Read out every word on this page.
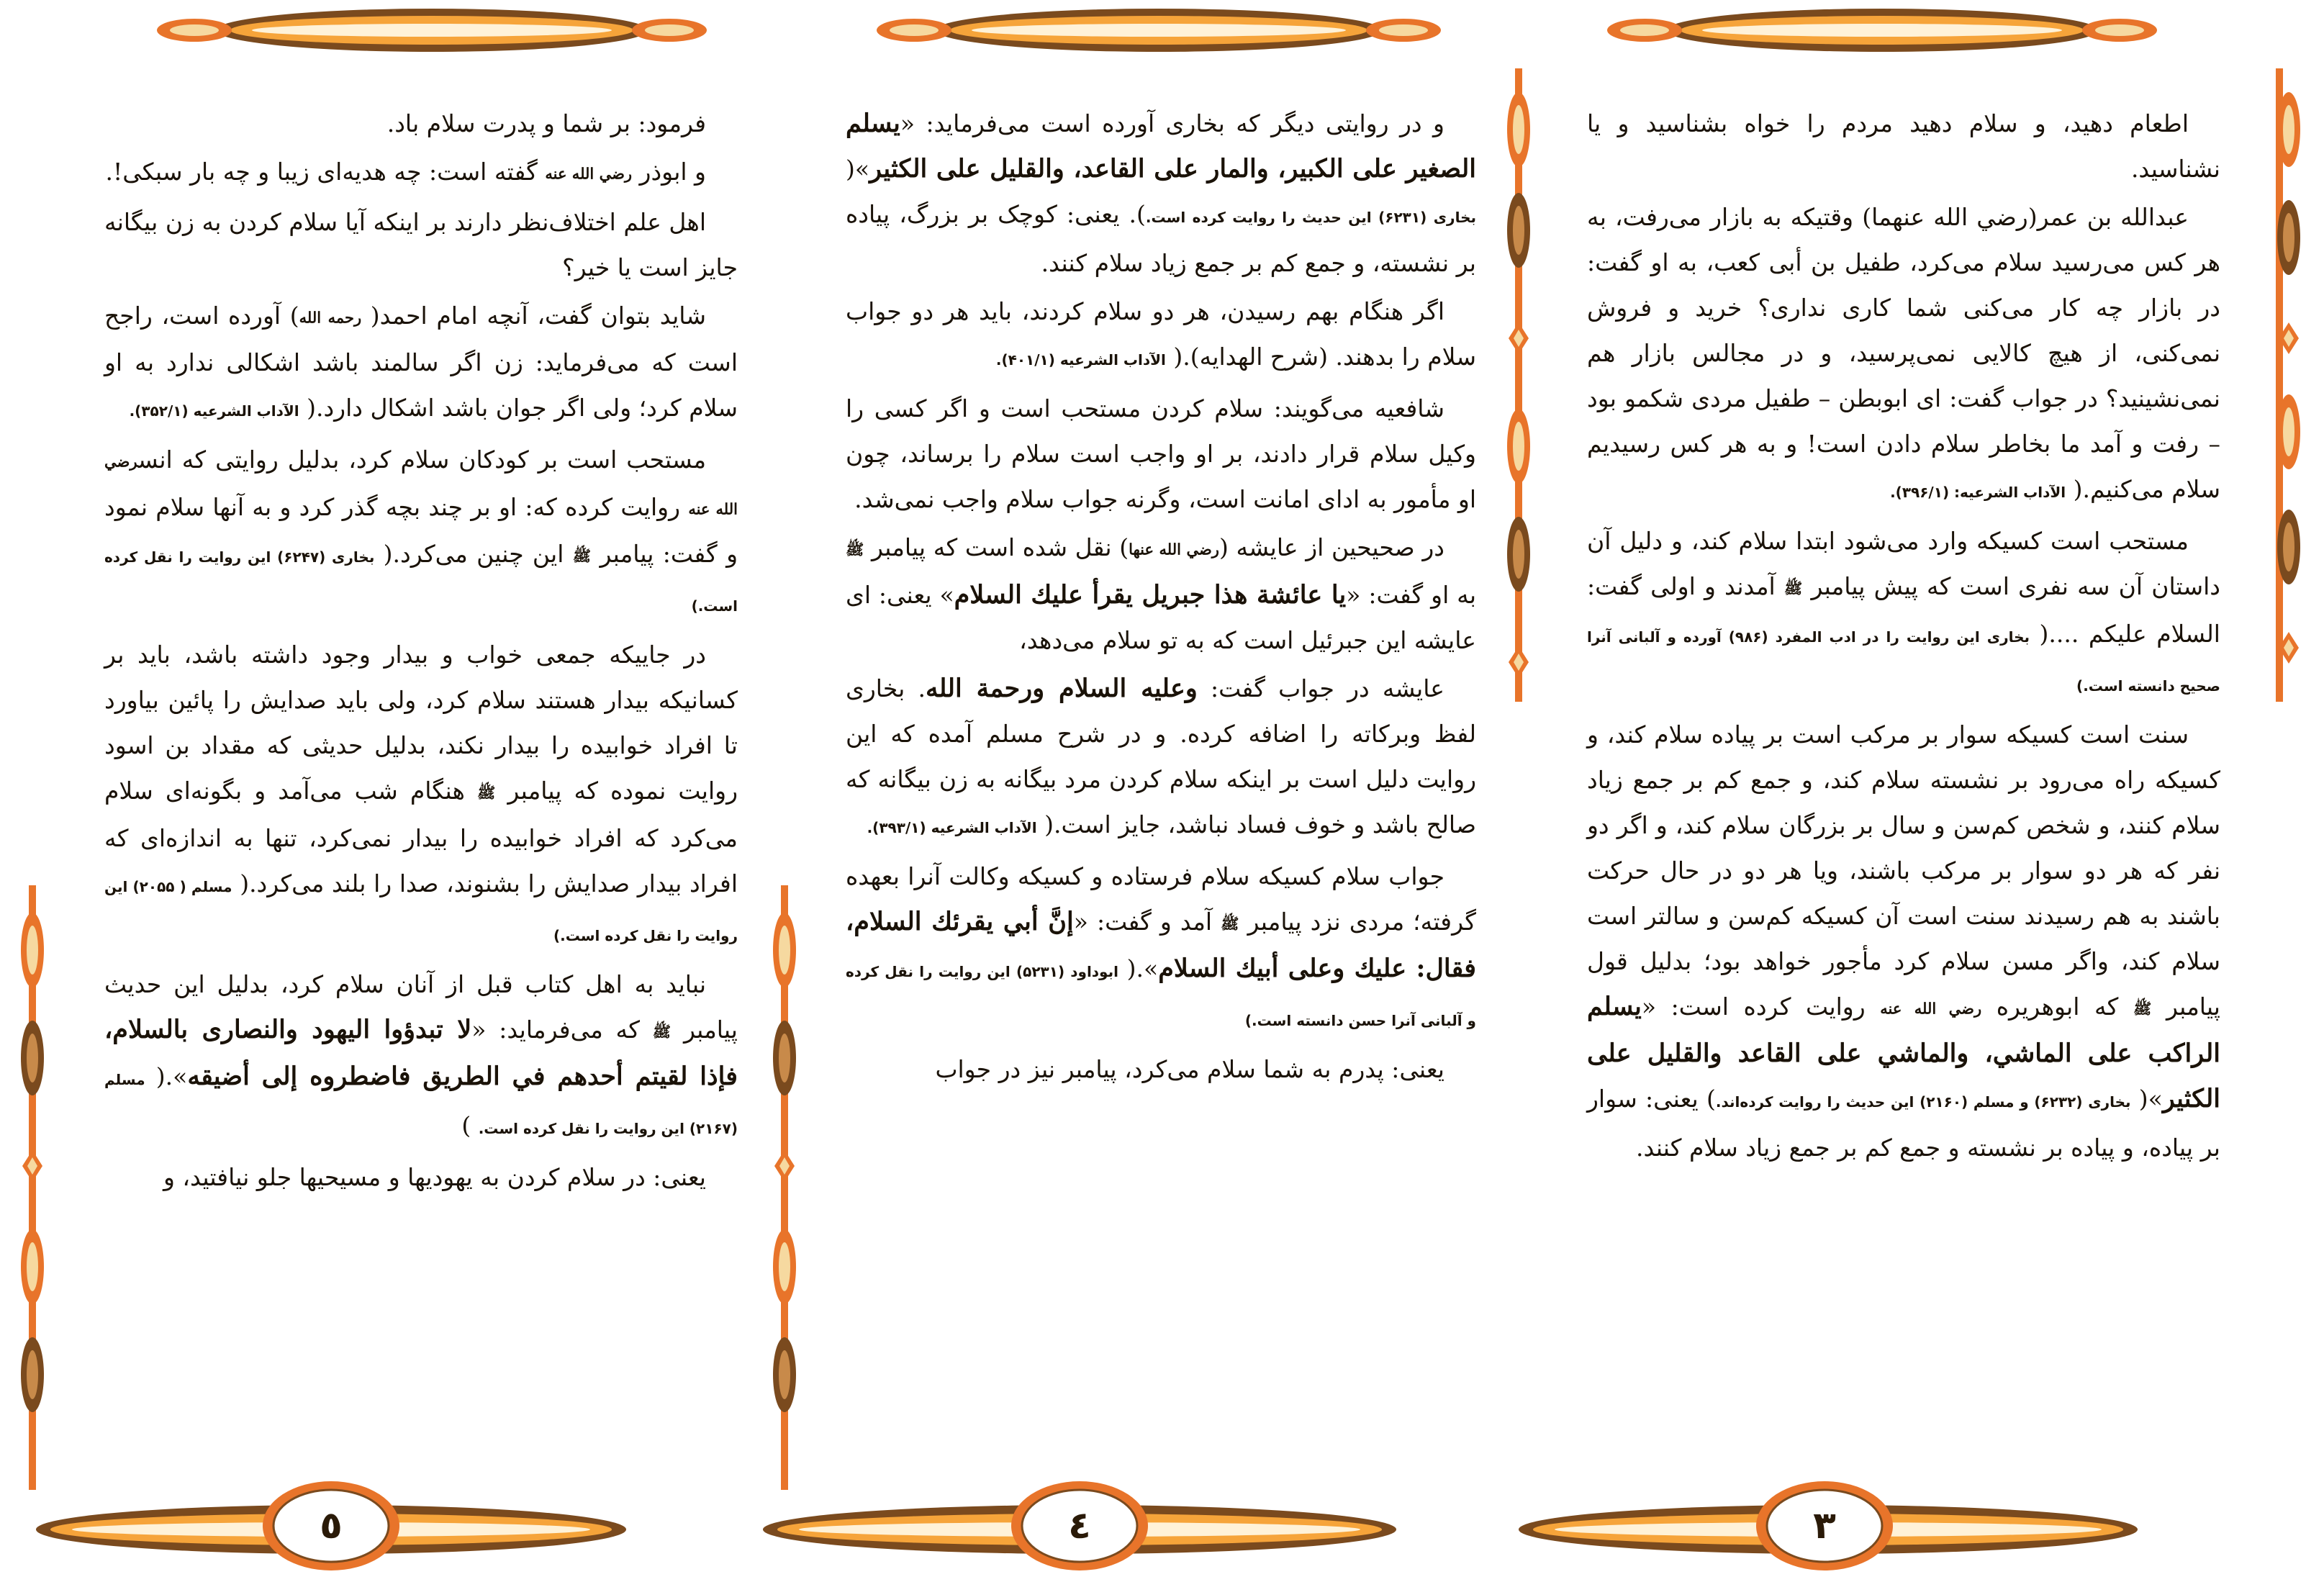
اطعام دهید، و سلام دهید مردم را خواه بشناسید و یا نشناسید.

عبدالله بن عمر(رضي الله عنهما) وقتیکه به بازار می‌رفت، به هر کس می‌رسید سلام می‌کرد، طفیل بن أبی کعب، به او گفت: در بازار چه کار می‌کنی شما کاری نداری؟ خرید و فروش نمی‌کنی، از هیچ کالایی نمی‌پرسید، و در مجالس بازار هم نمی‌نشینید؟ در جواب گفت: ای ابوبطن – طفیل مردی شکمو بود – رفت و آمد ما بخاطر سلام دادن است! و به هر کس رسیدیم سلام می‌کنیم.( الآداب الشرعیه: (۳۹۶/۱).

مستحب است کسیکه وارد می‌شود ابتدا سلام کند، و دلیل آن داستان آن سه نفری است که پیش پیامبر ﷺ آمدند و اولی گفت: السلام علیکم ....( بخاری این روایت را در ادب المفرد (۹۸۶) آورده و آلبانی آنرا صحیح دانسته است.)

سنت است کسیکه سوار بر مرکب است بر پیاده سلام کند، و کسیکه راه می‌رود بر نشسته سلام کند، و جمع کم بر جمع زیاد سلام کنند، و شخص کم‌سن و سال بر بزرگان سلام کند، و اگر دو نفر که هر دو سوار بر مرکب باشند، ویا هر دو در حال حرکت باشند به هم رسیدند سنت است آن کسیکه کم‌سن و سالتر است سلام کند، واگر مسن سلام کرد مأجور خواهد بود؛ بدلیل قول پیامبر ﷺ که ابوهریره رضي الله عنه روایت کرده است: «يسلم الراكب على الماشي، والماشي على القاعد والقليل على الكثير»( بخاری (۶۲۳۲) و مسلم (۲۱۶۰) این حدیث را روایت کرده‌اند.) یعنی: سوار بر پیاده، و پیاده بر نشسته و جمع کم بر جمع زیاد سلام کنند.

و در روایتی دیگر که بخاری آورده است می‌فرماید: «يسلم الصغير على الكبير، والمار على القاعد، والقليل على الكثير»( بخاری (۶۲۳۱) این حدیث را روایت کرده است.). یعنی: کوچک بر بزرگ، پیاده بر نشسته، و جمع کم بر جمع زیاد سلام کنند.

اگر هنگام بهم رسیدن، هر دو سلام کردند، باید هر دو جواب سلام را بدهند. (شرح الهدایه).( الآداب الشرعیه (۴۰۱/۱).

شافعیه می‌گویند: سلام کردن مستحب است و اگر کسی را وکیل سلام قرار دادند، بر او واجب است سلام را برساند، چون او مأمور به ادای امانت است، وگرنه جواب سلام واجب نمی‌شد.

در صحیحین از عایشه (رضي الله عنها) نقل شده است که پیامبر ﷺ به او گفت: «يا عائشة هذا جبريل يقرأ عليك السلام» یعنی: ای عایشه این جبرئیل است که به تو سلام می‌دهد،

عایشه در جواب گفت: وعليه السلام ورحمة الله. بخاری لفظ وبرکاته را اضافه کرده. و در شرح مسلم آمده که این روایت دلیل است بر اینکه سلام کردن مرد بیگانه به زن بیگانه که صالح باشد و خوف فساد نباشد، جایز است.( الآداب الشرعیه (۳۹۳/۱).

جواب سلام کسیکه سلام فرستاده و کسیکه وکالت آنرا بعهده گرفته؛ مردی نزد پیامبر ﷺ آمد و گفت: «إنَّ أبي يقرئك السلام، فقال: عليك وعلى أبيك السلام».( ابوداود (۵۲۳۱) این روایت را نقل کرده و آلبانی آنرا حسن دانسته است.)

یعنی: پدرم به شما سلام می‌کرد، پیامبر نیز در جواب

فرمود: بر شما و پدرت سلام باد.

و ابوذر رضي الله عنه گفته است: چه هدیه‌ای زیبا و چه بار سبکی!.

اهل علم اختلاف‌نظر دارند بر اینکه آیا سلام کردن به زن بیگانه جایز است یا خیر؟

شاید بتوان گفت، آنچه امام احمد( رحمه الله) آورده است، راجح است که می‌فرماید: زن اگر سالمند باشد اشکالی ندارد به او سلام کرد؛ ولی اگر جوان باشد اشکال دارد.( الآداب الشرعیه (۳۵۲/۱).

مستحب است بر کودکان سلام کرد، بدلیل روایتی که انسرضي الله عنه روایت کرده که: او بر چند بچه گذر کرد و به آنها سلام نمود و گفت: پیامبر ﷺ این چنین می‌کرد.( بخاری (۶۲۴۷) این روایت را نقل کرده است.)

در جاییکه جمعی خواب و بیدار وجود داشته باشد، باید بر کسانیکه بیدار هستند سلام کرد، ولی باید صدایش را پائین بیاورد تا افراد خوابیده را بیدار نکند، بدلیل حدیثی که مقداد بن اسود روایت نموده که پیامبر ﷺ هنگام شب می‌آمد و بگونه‌ای سلام می‌کرد که افراد خوابیده را بیدار نمی‌کرد، تنها به اندازه‌ای که افراد بیدار صدایش را بشنوند، صدا را بلند می‌کرد.( مسلم ( ۲۰۵۵) این روایت را نقل کرده است.)

نباید به اهل کتاب قبل از آنان سلام کرد، بدلیل این حدیث پیامبر ﷺ که می‌فرماید: «لا تبدؤوا اليهود والنصارى بالسلام، فإذا لقيتم أحدهم في الطريق فاضطروه إلى أضيقه».( مسلم (۲۱۶۷) این روایت را نقل کرده است. )

یعنی: در سلام کردن به یهودیها و مسیحیها جلو نیافتید، و

٣
٤
٥
